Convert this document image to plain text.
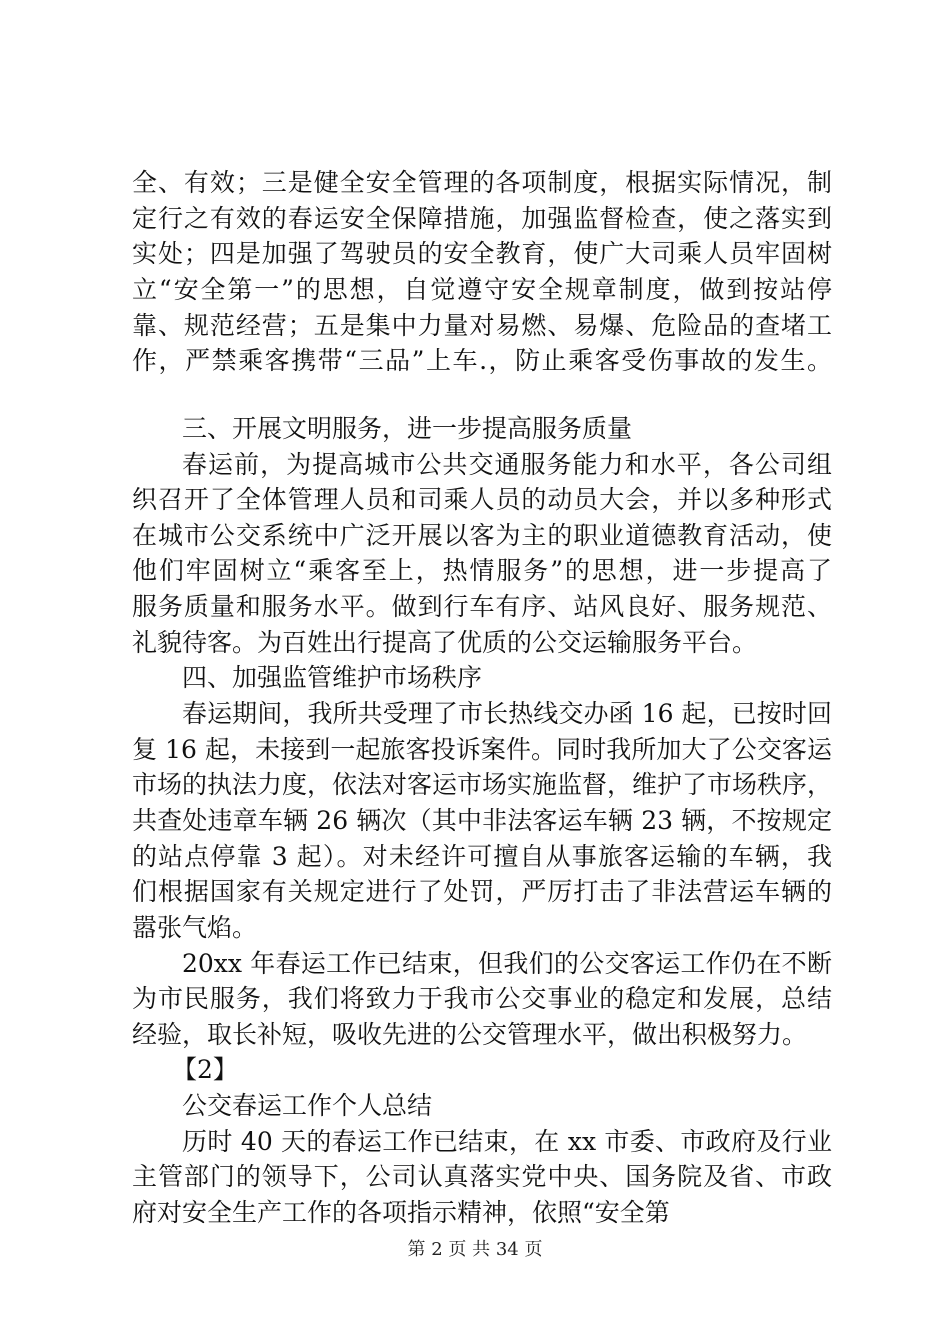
全、有效；三是健全安全管理的各项制度，根据实际情况，制
定行之有效的春运安全保障措施，加强监督检查，使之落实到
实处；四是加强了驾驶员的安全教育，使广大司乘人员牢固树
立“安全第一”的思想，自觉遵守安全规章制度，做到按站停
靠、规范经营；五是集中力量对易燃、易爆、危险品的查堵工
作，严禁乘客携带“三品”上车.，防止乘客受伤事故的发生。
三、开展文明服务，进一步提高服务质量
春运前，为提高城市公共交通服务能力和水平，各公司组
织召开了全体管理人员和司乘人员的动员大会，并以多种形式
在城市公交系统中广泛开展以客为主的职业道德教育活动，使
他们牢固树立“乘客至上，热情服务”的思想，进一步提高了
服务质量和服务水平。做到行车有序、站风良好、服务规范、
礼貌待客。为百姓出行提高了优质的公交运输服务平台。
四、加强监管维护市场秩序
春运期间，我所共受理了市长热线交办函 16 起，已按时回
复 16 起，未接到一起旅客投诉案件。同时我所加大了公交客运
市场的执法力度，依法对客运市场实施监督，维护了市场秩序，
共查处违章车辆 26 辆次（其中非法客运车辆 23 辆，不按规定
的站点停靠 3 起）。对未经许可擅自从事旅客运输的车辆，我
们根据国家有关规定进行了处罚，严厉打击了非法营运车辆的
嚣张气焰。
20xx 年春运工作已结束，但我们的公交客运工作仍在不断
为市民服务，我们将致力于我市公交事业的稳定和发展，总结
经验，取长补短，吸收先进的公交管理水平，做出积极努力。
【2】
公交春运工作个人总结
历时 40 天的春运工作已结束，在 xx 市委、市政府及行业
主管部门的领导下，公司认真落实党中央、国务院及省、市政
府对安全生产工作的各项指示精神，依照“安全第
第 2 页 共 34 页
